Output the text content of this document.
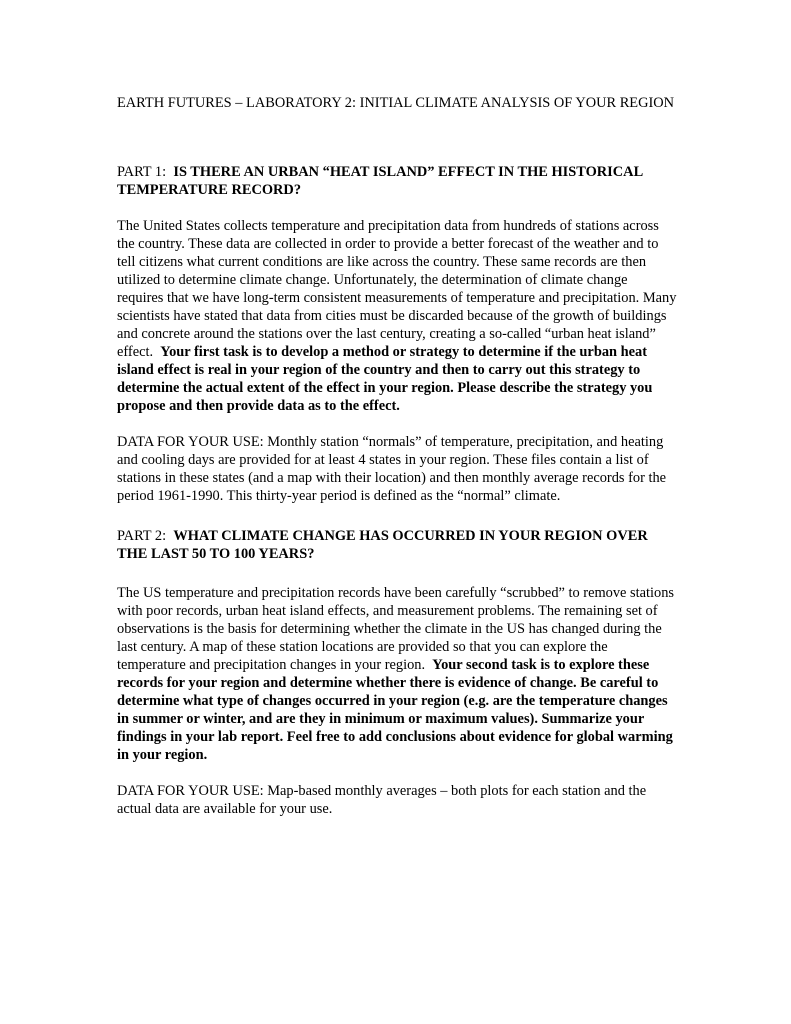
EARTH FUTURES – LABORATORY 2: INITIAL CLIMATE ANALYSIS OF YOUR REGION
PART 1: IS THERE AN URBAN “HEAT ISLAND” EFFECT IN THE HISTORICAL TEMPERATURE RECORD?

The United States collects temperature and precipitation data from hundreds of stations across the country. These data are collected in order to provide a better forecast of the weather and to tell citizens what current conditions are like across the country. These same records are then utilized to determine climate change. Unfortunately, the determination of climate change requires that we have long-term consistent measurements of temperature and precipitation. Many scientists have stated that data from cities must be discarded because of the growth of buildings and concrete around the stations over the last century, creating a so-called “urban heat island” effect. Your first task is to develop a method or strategy to determine if the urban heat island effect is real in your region of the country and then to carry out this strategy to determine the actual extent of the effect in your region. Please describe the strategy you propose and then provide data as to the effect.

DATA FOR YOUR USE: Monthly station “normals” of temperature, precipitation, and heating and cooling days are provided for at least 4 states in your region. These files contain a list of stations in these states (and a map with their location) and then monthly average records for the period 1961-1990. This thirty-year period is defined as the “normal” climate.

PART 2: WHAT CLIMATE CHANGE HAS OCCURRED IN YOUR REGION OVER THE LAST 50 TO 100 YEARS?

The US temperature and precipitation records have been carefully “scrubbed” to remove stations with poor records, urban heat island effects, and measurement problems. The remaining set of observations is the basis for determining whether the climate in the US has changed during the last century. A map of these station locations are provided so that you can explore the temperature and precipitation changes in your region. Your second task is to explore these records for your region and determine whether there is evidence of change. Be careful to determine what type of changes occurred in your region (e.g. are the temperature changes in summer or winter, and are they in minimum or maximum values). Summarize your findings in your lab report. Feel free to add conclusions about evidence for global warming in your region.

DATA FOR YOUR USE: Map-based monthly averages – both plots for each station and the actual data are available for your use.
